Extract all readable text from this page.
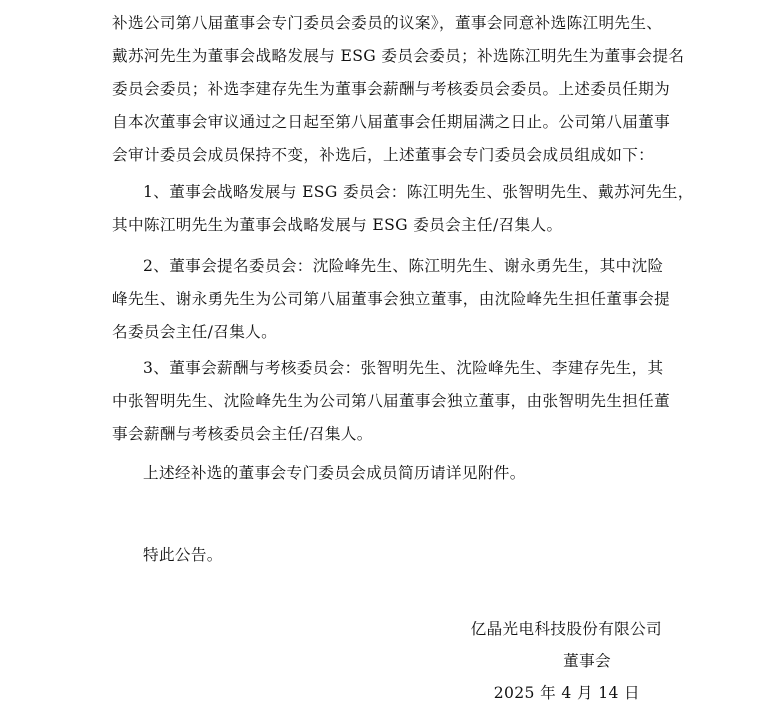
补选公司第八届董事会专门委员会委员的议案》，董事会同意补选陈江明先生、
戴苏河先生为董事会战略发展与 ESG 委员会委员；补选陈江明先生为董事会提名
委员会委员；补选李建存先生为董事会薪酬与考核委员会委员。上述委员任期为
自本次董事会审议通过之日起至第八届董事会任期届满之日止。公司第八届董事
会审计委员会成员保持不变，补选后，上述董事会专门委员会成员组成如下：
1、董事会战略发展与 ESG 委员会：陈江明先生、张智明先生、戴苏河先生，
其中陈江明先生为董事会战略发展与 ESG 委员会主任/召集人。
2、董事会提名委员会：沈险峰先生、陈江明先生、谢永勇先生，其中沈险
峰先生、谢永勇先生为公司第八届董事会独立董事，由沈险峰先生担任董事会提
名委员会主任/召集人。
3、董事会薪酬与考核委员会：张智明先生、沈险峰先生、李建存先生，其
中张智明先生、沈险峰先生为公司第八届董事会独立董事，由张智明先生担任董
事会薪酬与考核委员会主任/召集人。
上述经补选的董事会专门委员会成员简历请详见附件。
特此公告。
亿晶光电科技股份有限公司
董事会
2025 年 4 月 14 日
